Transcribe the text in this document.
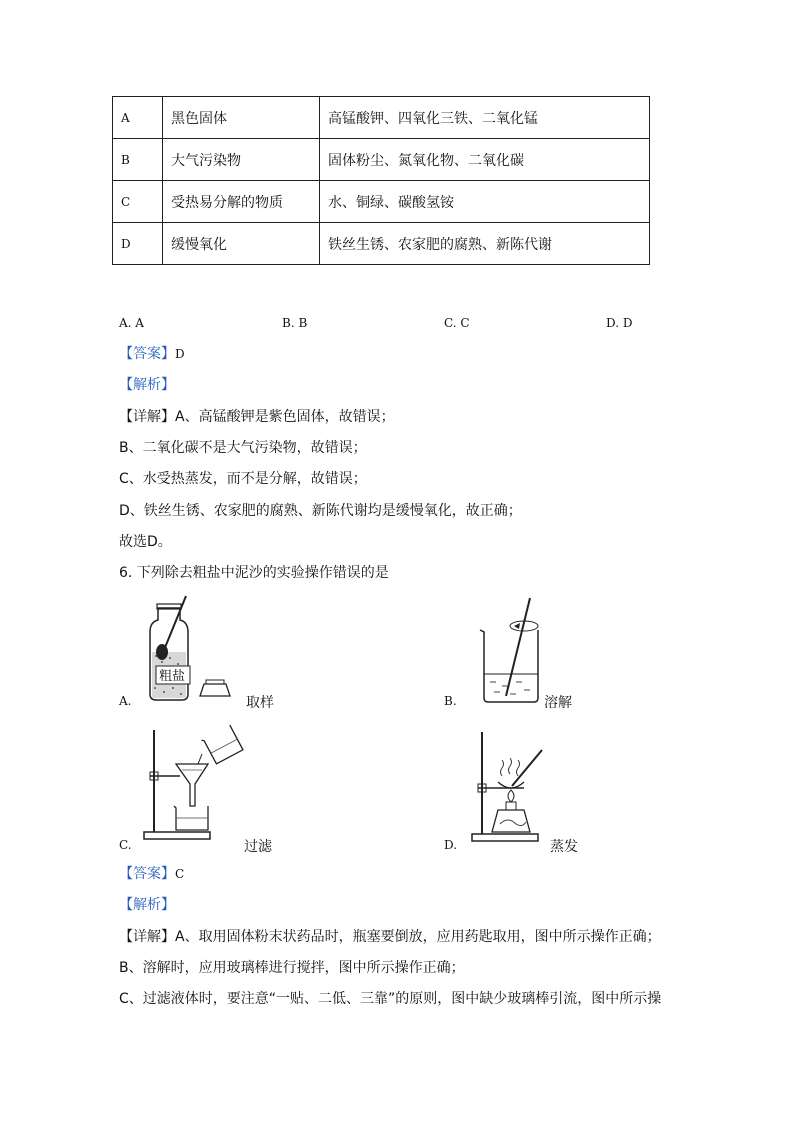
A	黑色固体	高锰酸钾、四氧化三铁、二氧化锰
B	大气污染物	固体粉尘、氮氧化物、二氧化碳
C	受热易分解的物质	水、铜绿、碳酸氢铵
D	缓慢氧化	铁丝生锈、农家肥的腐熟、新陈代谢
A. A	B. B	C. C	D. D
【答案】D
【解析】
【详解】A、高锰酸钾是紫色固体，故错误；
B、二氧化碳不是大气污染物，故错误；
C、水受热蒸发，而不是分解，故错误；
D、铁丝生锈、农家肥的腐熟、新陈代谢均是缓慢氧化，故正确；
故选D。
6. 下列除去粗盐中泥沙的实验操作错误的是
粗盐
A.	取样	B.	溶解
C.	过滤	D.	蒸发
【答案】C
【解析】
【详解】A、取用固体粉末状药品时，瓶塞要倒放，应用药匙取用，图中所示操作正确；
B、溶解时，应用玻璃棒进行搅拌，图中所示操作正确；
C、过滤液体时，要注意“一贴、二低、三靠”的原则，图中缺少玻璃棒引流，图中所示操
